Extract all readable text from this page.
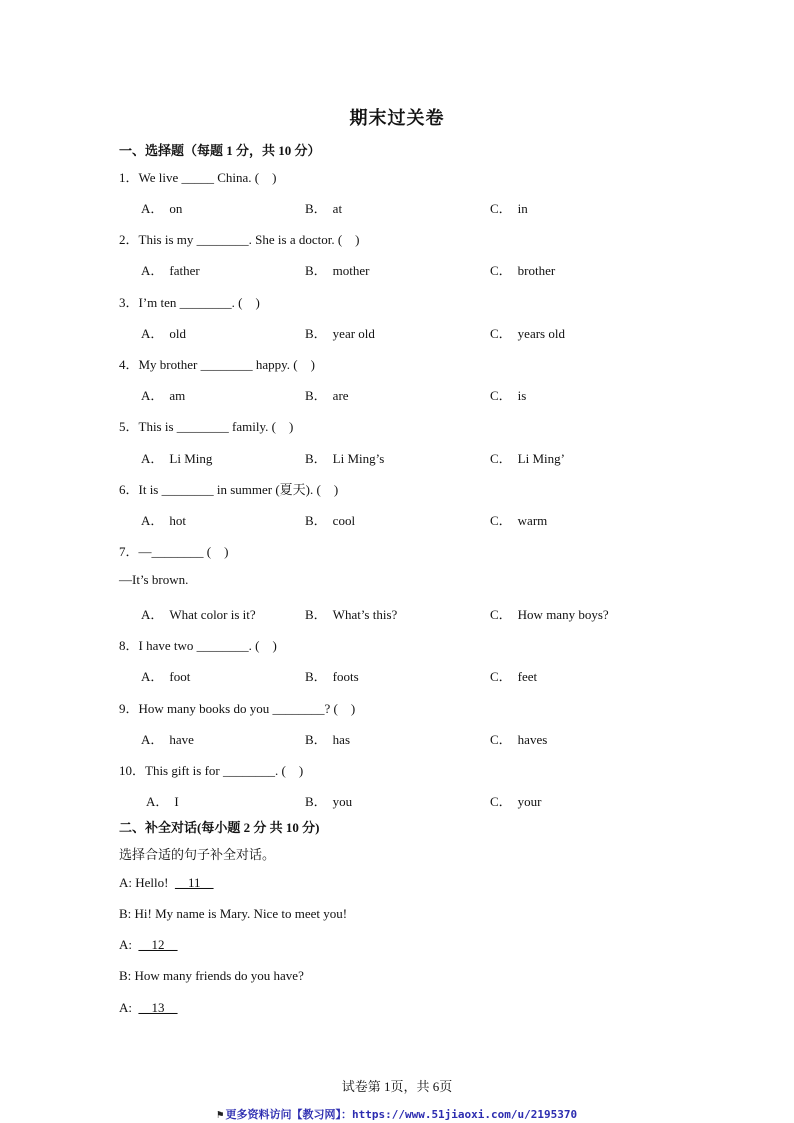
期末过关卷
一、选择题（每题 1 分，共 10 分）
1．We live _____ China. (    )
A． on	B． at	C． in
2．This is my ________. She is a doctor. (    )
A． father	B． mother	C． brother
3．I’m ten ________. (    )
A． old	B． year old	C． years old
4．My brother ________ happy. (    )
A． am	B． are	C． is
5．This is ________ family. (    )
A． Li Ming	B． Li Ming’s	C． Li Ming’
6．It is ________ in summer (夏天). (    )
A． hot	B． cool	C． warm
7．—________ (    )
—It’s brown.
A． What color is it?	B． What’s this?	C． How many boys?
8．I have two ________. (    )
A． foot	B． foots	C． feet
9．How many books do you ________? (    )
A． have	B． has	C． haves
10．This gift is for ________. (    )
A． I	B． you	C． your
二、补全对话(每小题 2 分 共 10 分)
选择合适的句子补全对话。
A: Hello!  __11__
B: Hi! My name is Mary. Nice to meet you!
A:  __12__
B: How many friends do you have?
A:  __13__
试卷第 1页，共 6页
⚑ 更多资料访问【教习网】：https://www.51jiaoxi.com/u/2195370
